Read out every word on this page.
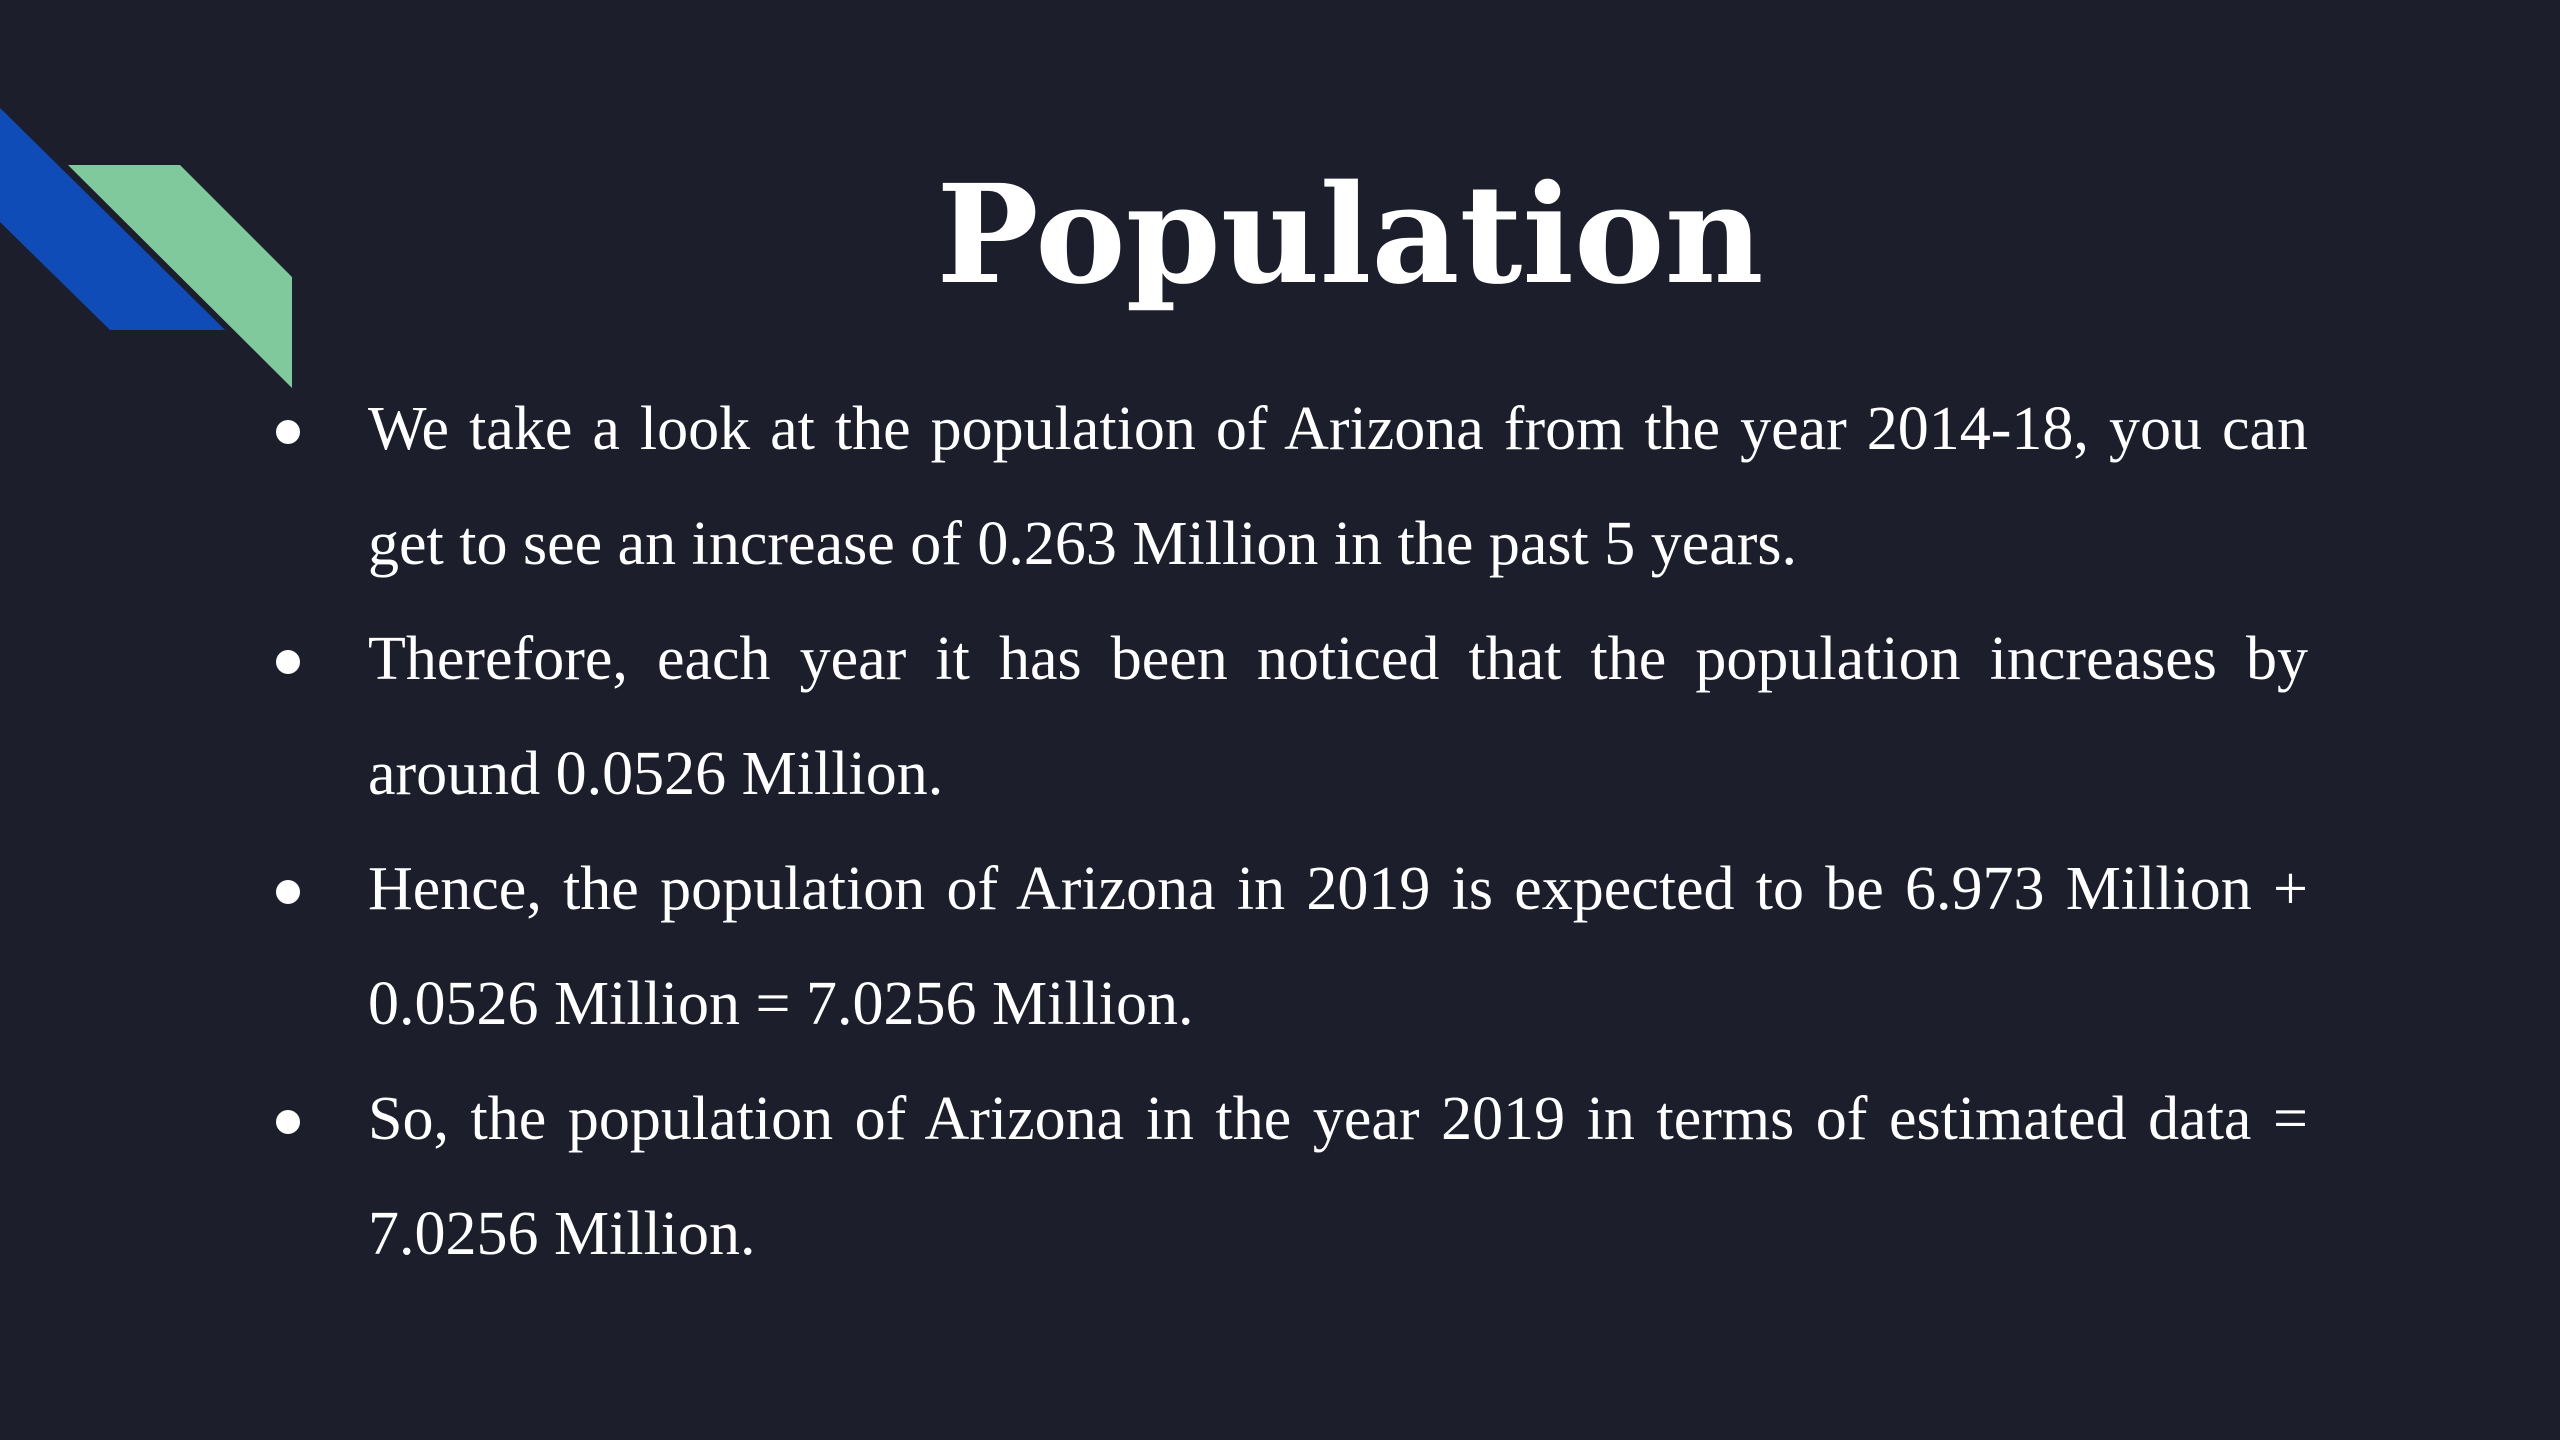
Population
We take a look at the population of Arizona from the year 2014-18, you can get to see an increase of 0.263 Million in the past 5 years.
Therefore, each year it has been noticed that the population increases by around 0.0526 Million.
Hence, the population of Arizona in 2019 is expected to be 6.973 Million + 0.0526 Million = 7.0256 Million.
So, the population of Arizona in the year 2019 in terms of estimated data = 7.0256 Million.
